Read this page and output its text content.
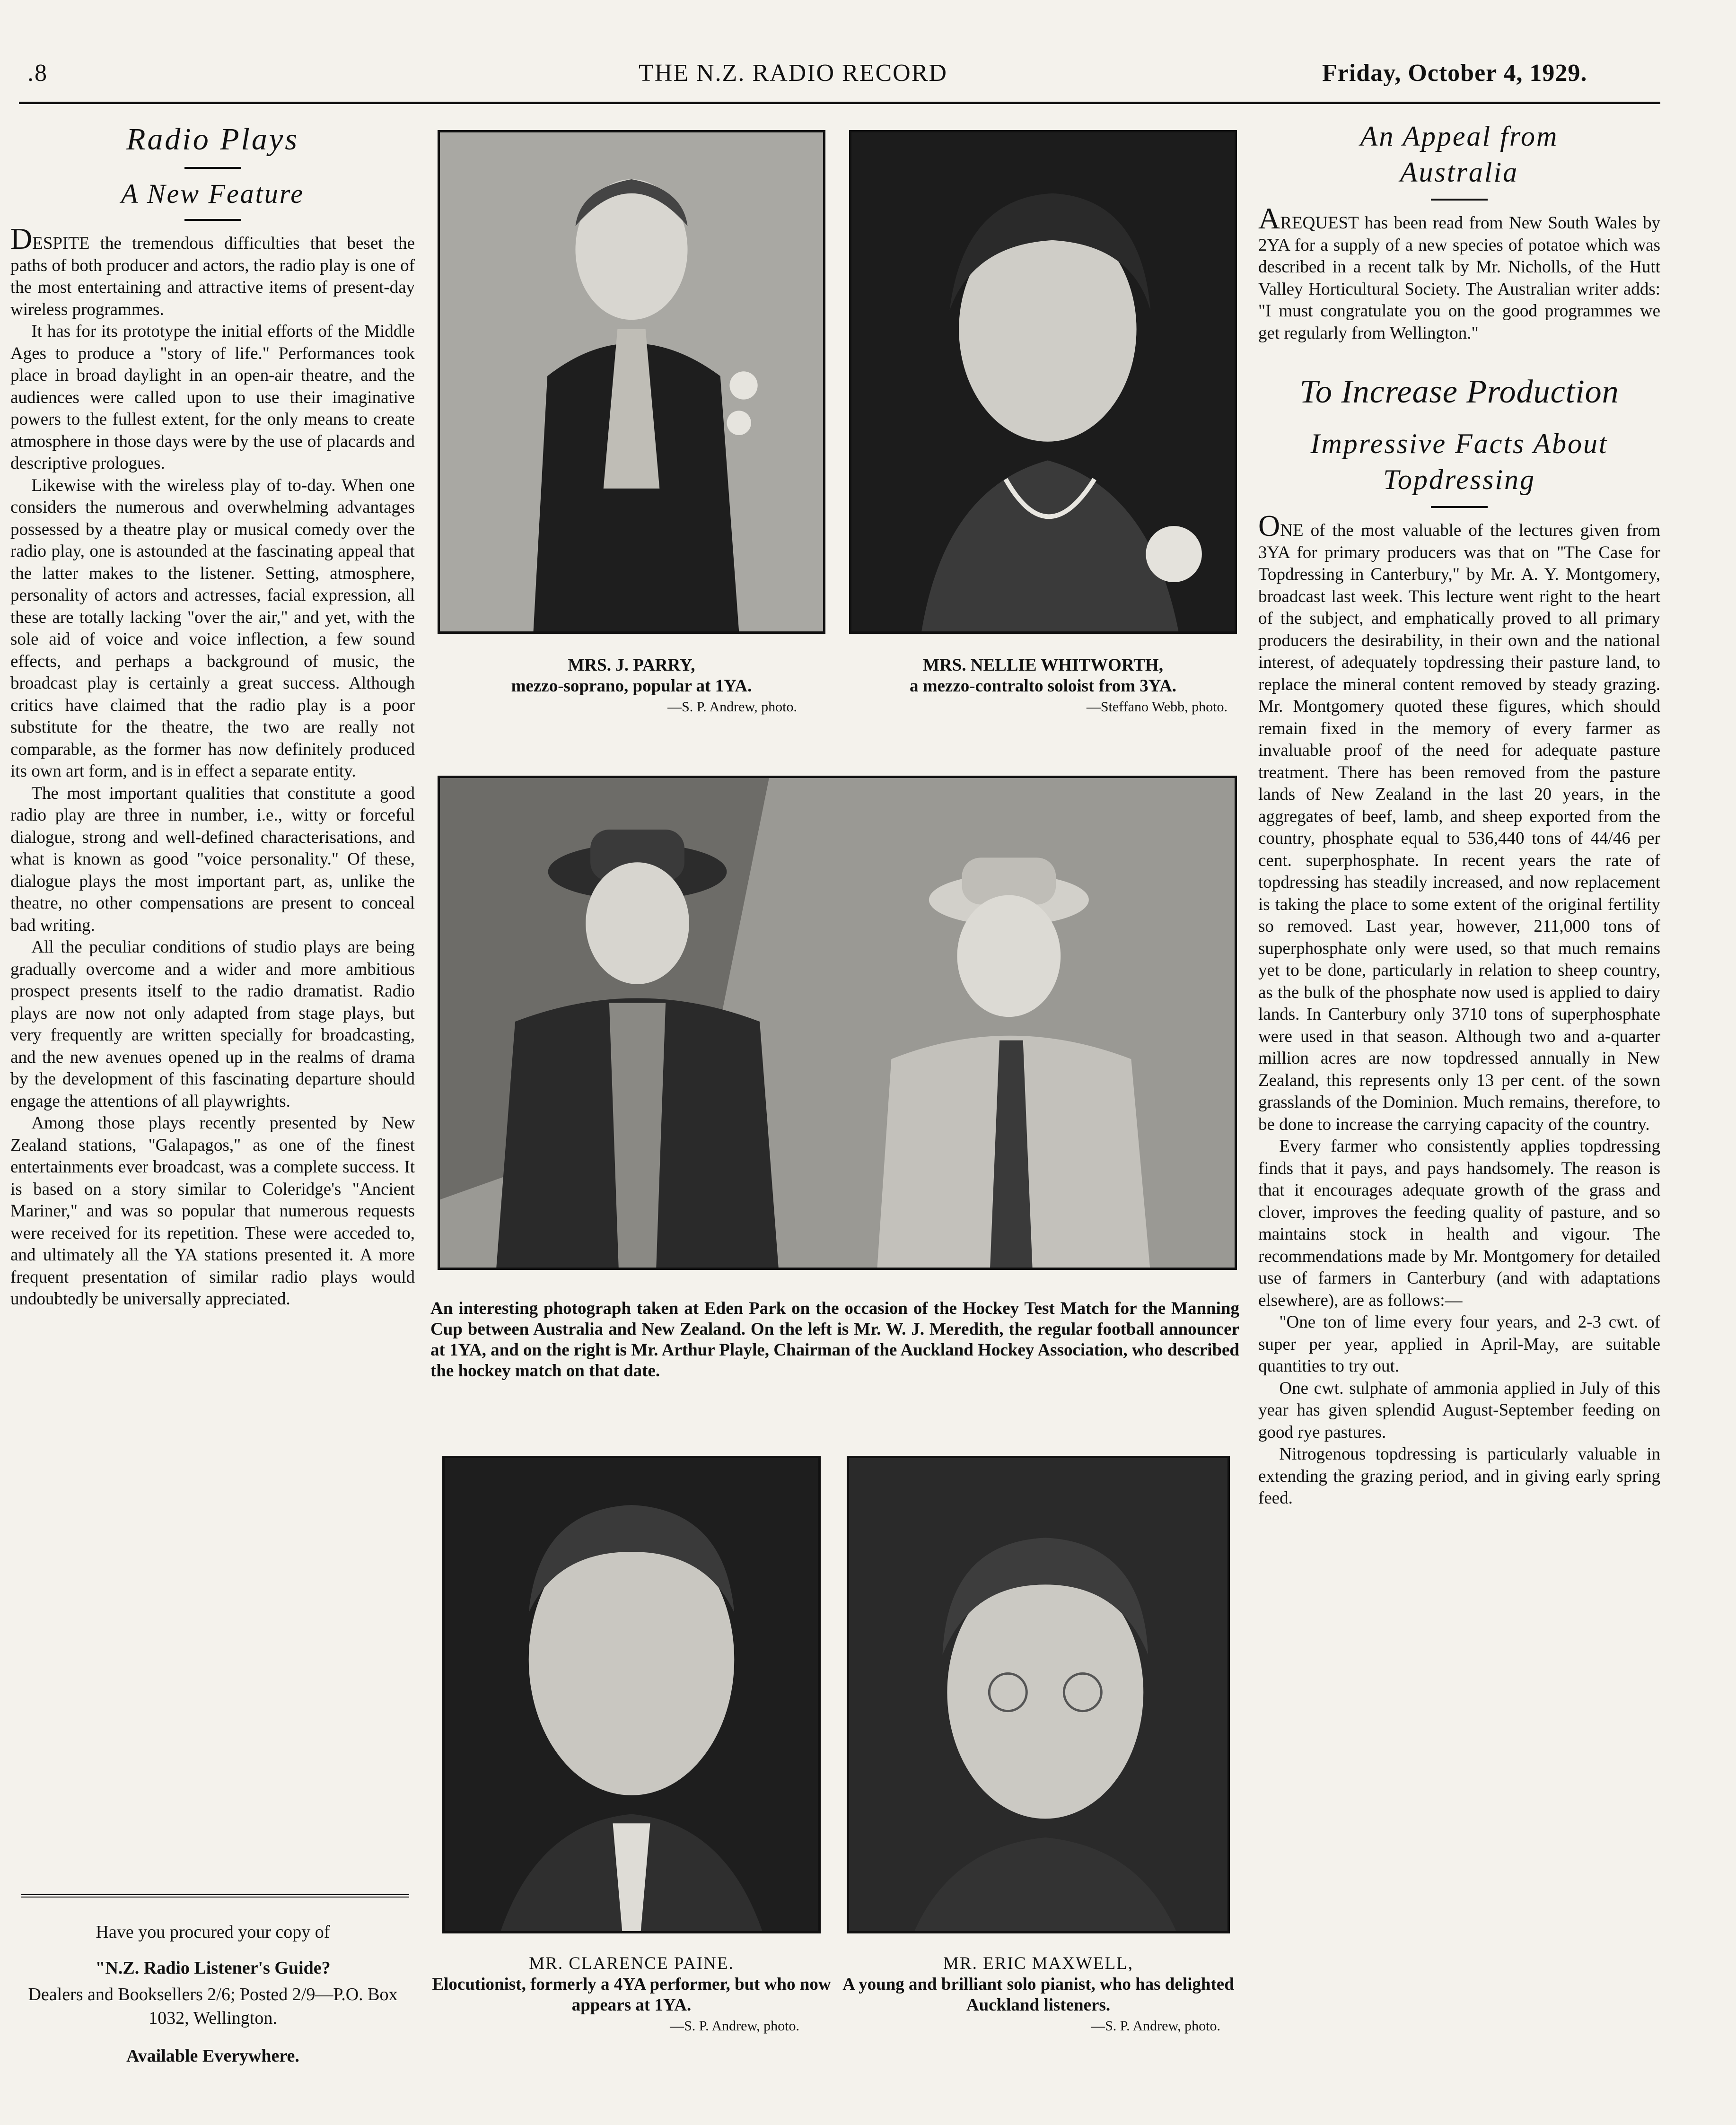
.8	THE N.Z. RADIO RECORD	Friday, October 4, 1929.
Radio Plays
A New Feature

DESPITE the tremendous difficulties that beset the paths of both producer and actors, the radio play is one of the most entertaining and attractive items of present-day wireless programmes.

It has for its prototype the initial efforts of the Middle Ages to produce a "story of life." Performances took place in broad daylight in an open-air theatre, and the audiences were called upon to use their imaginative powers to the fullest extent, for the only means to create atmosphere in those days were by the use of placards and descriptive prologues.

Likewise with the wireless play of to-day. When one considers the numerous and overwhelming advantages possessed by a theatre play or musical comedy over the radio play, one is astounded at the fascinating appeal that the latter makes to the listener. Setting, atmosphere, personality of actors and actresses, facial expression, all these are totally lacking "over the air," and yet, with the sole aid of voice and voice inflection, a few sound effects, and perhaps a background of music, the broadcast play is certainly a great success. Although critics have claimed that the radio play is a poor substitute for the theatre, the two are really not comparable, as the former has now definitely produced its own art form, and is in effect a separate entity.

The most important qualities that constitute a good radio play are three in number, i.e., witty or forceful dialogue, strong and well-defined characterisations, and what is known as good "voice personality." Of these, dialogue plays the most important part, as, unlike the theatre, no other compensations are present to conceal bad writing.

All the peculiar conditions of studio plays are being gradually overcome and a wider and more ambitious prospect presents itself to the radio dramatist. Radio plays are now not only adapted from stage plays, but very frequently are written specially for broadcasting, and the new avenues opened up in the realms of drama by the development of this fascinating departure should engage the attentions of all playwrights.

Among those plays recently presented by New Zealand stations, "Galapagos," as one of the finest entertainments ever broadcast, was a complete success. It is based on a story similar to Coleridge's "Ancient Mariner," and was so popular that numerous requests were received for its repetition. These were acceded to, and ultimately all the YA stations presented it. A more frequent presentation of similar radio plays would undoubtedly be universally appreciated.

Have you procured your copy of
"N.Z. Radio Listener's Guide?
Dealers and Booksellers 2/6; Posted 2/9—P.O. Box 1032, Wellington.
Available Everywhere.
MRS. J. PARRY,
mezzo-soprano, popular at 1YA.
—S. P. Andrew, photo.
MRS. NELLIE WHITWORTH,
a mezzo-contralto soloist from 3YA.
—Steffano Webb, photo.
An interesting photograph taken at Eden Park on the occasion of the Hockey Test Match for the Manning Cup between Australia and New Zealand. On the left is Mr. W. J. Meredith, the regular football announcer at 1YA, and on the right is Mr. Arthur Playle, Chairman of the Auckland Hockey Association, who described the hockey match on that date.
MR. CLARENCE PAINE.
Elocutionist, formerly a 4YA performer, but who now appears at 1YA.
—S. P. Andrew, photo.
MR. ERIC MAXWELL,
A young and brilliant solo pianist, who has delighted Auckland listeners.
—S. P. Andrew, photo.
An Appeal from
Australia

AREQUEST has been read from New South Wales by 2YA for a supply of a new species of potatoe which was described in a recent talk by Mr. Nicholls, of the Hutt Valley Horticultural Society. The Australian writer adds: "I must congratulate you on the good programmes we get regularly from Wellington."

To Increase Production
Impressive Facts About
Topdressing

ONE of the most valuable of the lectures given from 3YA for primary producers was that on "The Case for Topdressing in Canterbury," by Mr. A. Y. Montgomery, broadcast last week. This lecture went right to the heart of the subject, and emphatically proved to all primary producers the desirability, in their own and the national interest, of adequately topdressing their pasture land, to replace the mineral content removed by steady grazing. Mr. Montgomery quoted these figures, which should remain fixed in the memory of every farmer as invaluable proof of the need for adequate pasture treatment. There has been removed from the pasture lands of New Zealand in the last 20 years, in the aggregates of beef, lamb, and sheep exported from the country, phosphate equal to 536,440 tons of 44/46 per cent. superphosphate. In recent years the rate of topdressing has steadily increased, and now replacement is taking the place to some extent of the original fertility so removed. Last year, however, 211,000 tons of superphosphate only were used, so that much remains yet to be done, particularly in relation to sheep country, as the bulk of the phosphate now used is applied to dairy lands. In Canterbury only 3710 tons of superphosphate were used in that season. Although two and a-quarter million acres are now topdressed annually in New Zealand, this represents only 13 per cent. of the sown grasslands of the Dominion. Much remains, therefore, to be done to increase the carrying capacity of the country.

Every farmer who consistently applies topdressing finds that it pays, and pays handsomely. The reason is that it encourages adequate growth of the grass and clover, improves the feeding quality of pasture, and so maintains stock in health and vigour. The recommendations made by Mr. Montgomery for detailed use of farmers in Canterbury (and with adaptations elsewhere), are as follows:—

"One ton of lime every four years, and 2-3 cwt. of super per year, applied in April-May, are suitable quantities to try out.

One cwt. sulphate of ammonia applied in July of this year has given splendid August-September feeding on good rye pastures.

Nitrogenous topdressing is particularly valuable in extending the grazing period, and in giving early spring feed.
